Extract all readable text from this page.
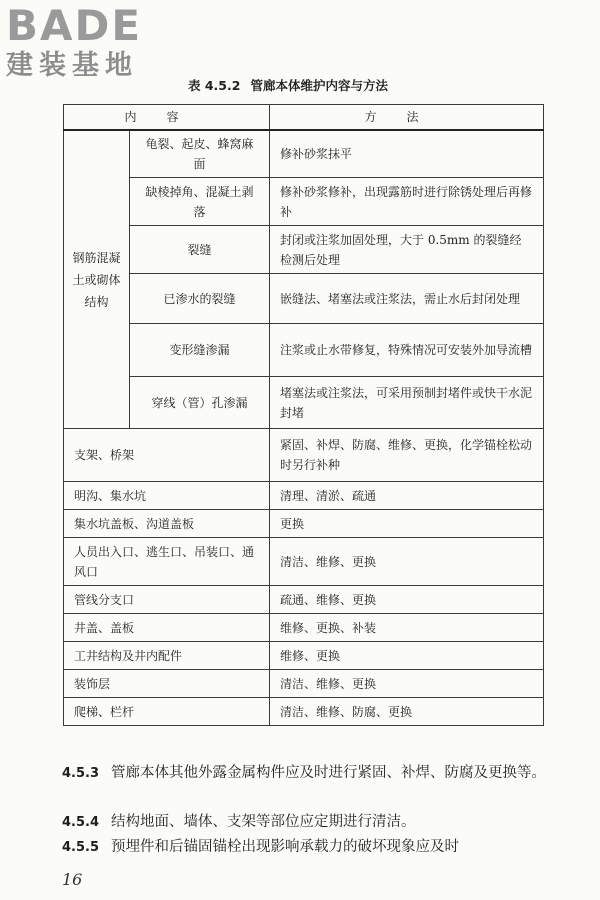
BADE
建装基地
表 4.5.2 管廊本体维护内容与方法
内容		方法
钢筋混凝土或砌体结构	龟裂、起皮、蜂窝麻面	修补砂浆抹平
	缺棱掉角、混凝土剥落	修补砂浆修补，出现露筋时进行除锈处理后再修补
	裂缝	封闭或注浆加固处理，大于 0.5mm 的裂缝经检测后处理
	已渗水的裂缝	嵌缝法、堵塞法或注浆法，需止水后封闭处理
	变形缝渗漏	注浆或止水带修复，特殊情况可安装外加导流槽
	穿线（管）孔渗漏	堵塞法或注浆法，可采用预制封堵件或快干水泥封堵
支架、桥架		紧固、补焊、防腐、维修、更换，化学锚栓松动时另行补种
明沟、集水坑		清理、清淤、疏通
集水坑盖板、沟道盖板		更换
人员出入口、逃生口、吊装口、通风口		清洁、维修、更换
管线分支口		疏通、维修、更换
井盖、盖板		维修、更换、补装
工井结构及井内配件		维修、更换
装饰层		清洁、维修、更换
爬梯、栏杆		清洁、维修、防腐、更换
4.5.3 管廊本体其他外露金属构件应及时进行紧固、补焊、防腐及更换等。
4.5.4 结构地面、墙体、支架等部位应定期进行清洁。
4.5.5 预埋件和后锚固锚栓出现影响承载力的破坏现象应及时
16
